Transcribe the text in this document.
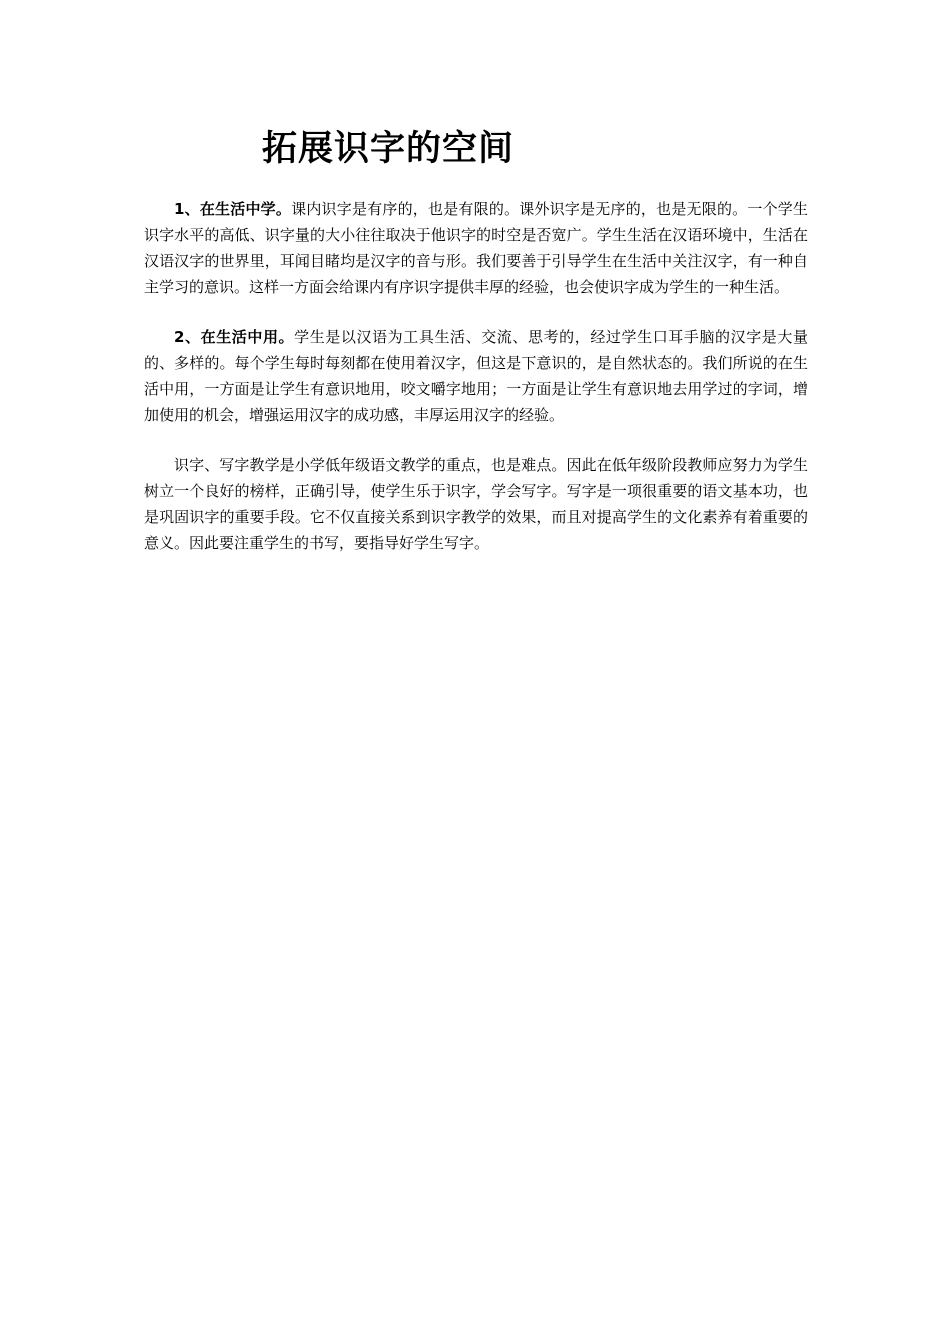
拓展识字的空间

1、在生活中学。课内识字是有序的，也是有限的。课外识字是无序的，也是无限的。一个学生识字水平的高低、识字量的大小往往取决于他识字的时空是否宽广。学生生活在汉语环境中，生活在汉语汉字的世界里，耳闻目睹均是汉字的音与形。我们要善于引导学生在生活中关注汉字，有一种自主学习的意识。这样一方面会给课内有序识字提供丰厚的经验，也会使识字成为学生的一种生活。

2、在生活中用。学生是以汉语为工具生活、交流、思考的，经过学生口耳手脑的汉字是大量的、多样的。每个学生每时每刻都在使用着汉字，但这是下意识的，是自然状态的。我们所说的在生活中用，一方面是让学生有意识地用，咬文嚼字地用；一方面是让学生有意识地去用学过的字词，增加使用的机会，增强运用汉字的成功感，丰厚运用汉字的经验。

识字、写字教学是小学低年级语文教学的重点，也是难点。因此在低年级阶段教师应努力为学生树立一个良好的榜样，正确引导，使学生乐于识字，学会写字。写字是一项很重要的语文基本功，也是巩固识字的重要手段。它不仅直接关系到识字教学的效果，而且对提高学生的文化素养有着重要的意义。因此要注重学生的书写，要指导好学生写字。
